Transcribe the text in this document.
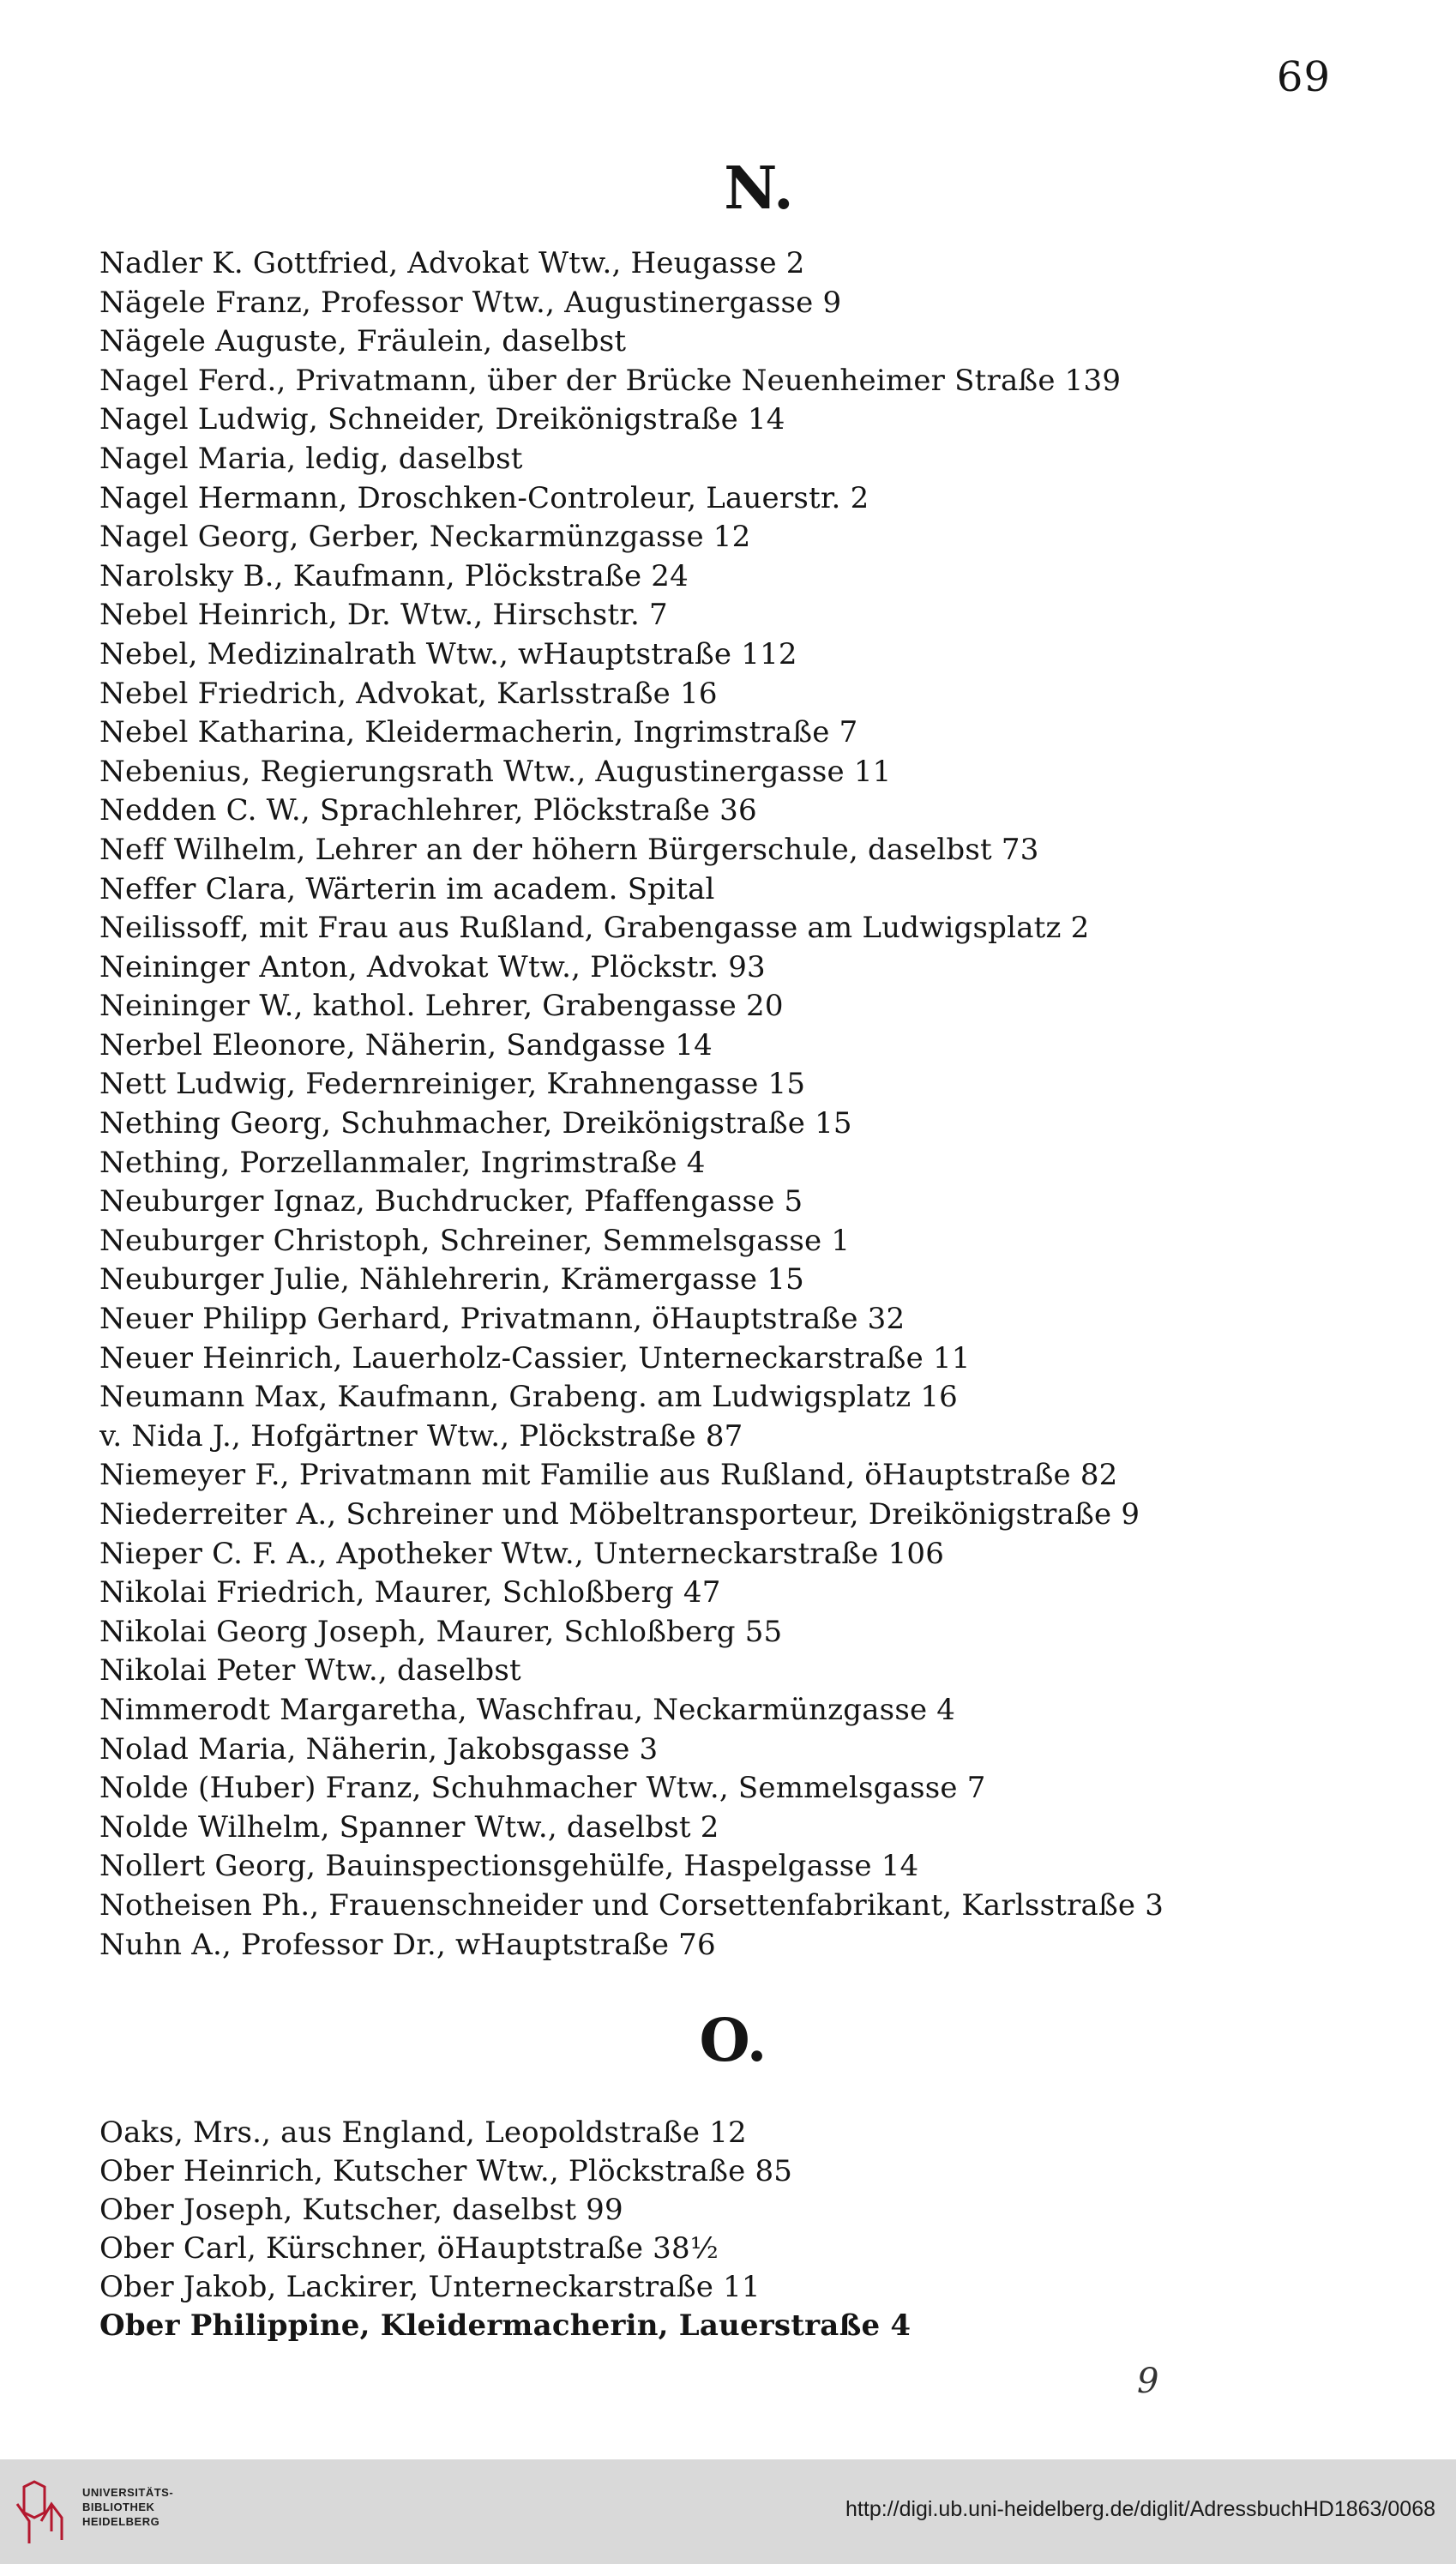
69
N.
Nadler K. Gottfried, Advokat Wtw., Heugasse 2
Nägele Franz, Professor Wtw., Augustinergasse 9
Nägele Auguste, Fräulein, daselbst
Nagel Ferd., Privatmann, über der Brücke Neuenheimer Straße 139
Nagel Ludwig, Schneider, Dreikönigstraße 14
Nagel Maria, ledig, daselbst
Nagel Hermann, Droschken-Controleur, Lauerstr. 2
Nagel Georg, Gerber, Neckarmünzgasse 12
Narolsky B., Kaufmann, Plöckstraße 24
Nebel Heinrich, Dr. Wtw., Hirschstr. 7
Nebel, Medizinalrath Wtw., wHauptstraße 112
Nebel Friedrich, Advokat, Karlsstraße 16
Nebel Katharina, Kleidermacherin, Ingrimstraße 7
Nebenius, Regierungsrath Wtw., Augustinergasse 11
Nedden C. W., Sprachlehrer, Plöckstraße 36
Neff Wilhelm, Lehrer an der höhern Bürgerschule, daselbst 73
Neffer Clara, Wärterin im academ. Spital
Neilissoff, mit Frau aus Rußland, Grabengasse am Ludwigsplatz 2
Neininger Anton, Advokat Wtw., Plöckstr. 93
Neininger W., kathol. Lehrer, Grabengasse 20
Nerbel Eleonore, Näherin, Sandgasse 14
Nett Ludwig, Federnreiniger, Krahnengasse 15
Nething Georg, Schuhmacher, Dreikönigstraße 15
Nething, Porzellanmaler, Ingrimstraße 4
Neuburger Ignaz, Buchdrucker, Pfaffengasse 5
Neuburger Christoph, Schreiner, Semmelsgasse 1
Neuburger Julie, Nählehrerin, Krämergasse 15
Neuer Philipp Gerhard, Privatmann, öHauptstraße 32
Neuer Heinrich, Lauerholz-Cassier, Unterneckarstraße 11
Neumann Max, Kaufmann, Grabeng. am Ludwigsplatz 16
v. Nida J., Hofgärtner Wtw., Plöckstraße 87
Niemeyer F., Privatmann mit Familie aus Rußland, öHauptstraße 82
Niederreiter A., Schreiner und Möbeltransporteur, Dreikönigstraße 9
Nieper C. F. A., Apotheker Wtw., Unterneckarstraße 106
Nikolai Friedrich, Maurer, Schloßberg 47
Nikolai Georg Joseph, Maurer, Schloßberg 55
Nikolai Peter Wtw., daselbst
Nimmerodt Margaretha, Waschfrau, Neckarmünzgasse 4
Nolad Maria, Näherin, Jakobsgasse 3
Nolde (Huber) Franz, Schuhmacher Wtw., Semmelsgasse 7
Nolde Wilhelm, Spanner Wtw., daselbst 2
Nollert Georg, Bauinspectionsgehülfe, Haspelgasse 14
Notheisen Ph., Frauenschneider und Corsettenfabrikant, Karlsstraße 3
Nuhn A., Professor Dr., wHauptstraße 76
O.
Oaks, Mrs., aus England, Leopoldstraße 12
Ober Heinrich, Kutscher Wtw., Plöckstraße 85
Ober Joseph, Kutscher, daselbst 99
Ober Carl, Kürschner, öHauptstraße 38½
Ober Jakob, Lackirer, Unterneckarstraße 11
Ober Philippine, Kleidermacherin, Lauerstraße 4
9
UNIVERSITÄTS-
BIBLIOTHEK
HEIDELBERG
http://digi.ub.uni-heidelberg.de/diglit/AdressbuchHD1863/0068
